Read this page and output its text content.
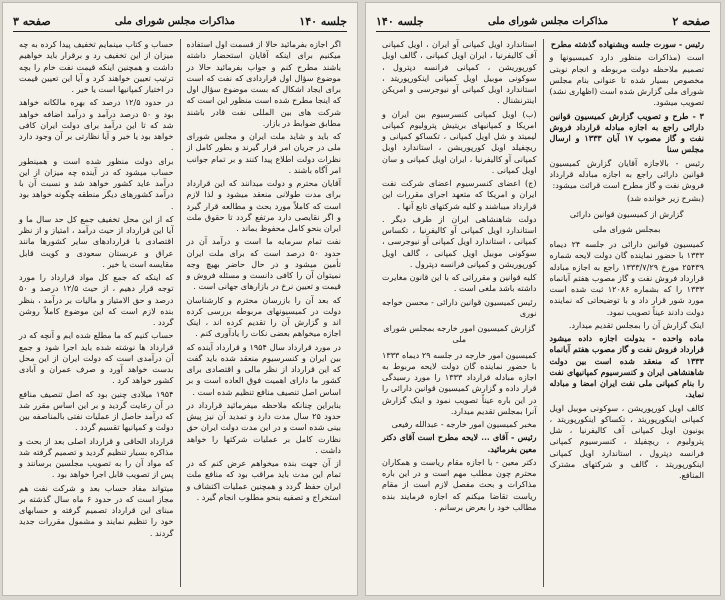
صفحه ۳	مذاکرات مجلس شورای ملی	جلسه ۱۴۰

اگر اجازه بفرمائید حالا از قسمت اول استفاده میکنیم برای اینکه آقایان استحضار داشته باشند مطرح کنم و جواب بفرمائید حالا در موضوع سؤال اول قراردادی که نفت که است برای ایجاد اشکال که بست موضوع سؤال اول که اینجا مطرح شده است منظور این است که شرکت های بین المللی نفت قادر باشند مطابق ضوابط در بازار.

که باید و شاید ملت ایران و مجلس شورای ملی در جریان امر قرار گیرند و بطور کامل از نظرات دولت اطلاع پیدا کنند و بر تمام جوانب امر آگاه باشند .

آقایان محترم و دولت میدانند که این قرارداد برای مدت طولانی منعقد میشود و لذا لازم است که کاملاً مورد بحث و مطالعه قرار گیرد و اگر نقایصی دارد مرتفع گردد تا حقوق ملت ایران بنحو کامل محفوظ بماند .

نفت تمام سرمایه ما است و درآمد آن در حدود ۵۰ درصد است که برای ملت ایران تأمین میشود و در حال حاضر بهیچ وجه نمیتوان آن را کافی دانست و مسئله فروش و قیمت و تعیین نرخ در بازارهای جهانی است .

که بعد آن را بازرسان محترم و کارشناسان دولت در کمیسیونهای مربوطه بررسی کرده اند و گزارش آن را تقدیم کرده اند ، اینک اجازه میخواهم بعضی نکات را یادآوری کنم .

در مورد قرارداد سال ۱۹۵۴ و قرارداد آینده که بین ایران و کنسرسیوم منعقد شده باید گفت که این قرارداد از نظر مالی و اقتصادی برای کشور ما دارای اهمیت فوق العاده است و بر اساس اصل تنصیف منافع تنظیم شده است .

بنابراین چنانکه ملاحظه میفرمائید قرارداد در حدود ۲۵ سال مدت دارد و تمدید آن نیز پیش بینی شده است و در این مدت دولت ایران حق نظارت کامل بر عملیات شرکتها را خواهد داشت .

از آن جهت بنده میخواهم عرض کنم که در تمام این مدت باید مراقب بود که منافع ملت ایران حفظ گردد و همچنین عملیات اکتشاف و استخراج و تصفیه بنحو مطلوب انجام گیرد .

حساب و کتاب مینمایم تخفیف پیدا کرده به چه میزان از این تخفیف رد و برقرار باید خواهیم داشت و همچنین اینکه قیمت نفت خام را بچه ترتیب تعیین خواهند کرد و آیا این تعیین قیمت در اختیار کمپانیها است یا خیر .

در حدود ۱۲/۵ درصد که بهره مالکانه خواهد بود و ۵۰ درصد درآمد و درآمد اضافه خواهد شد که تا این درآمد برای دولت ایران کافی خواهد بود یا خیر و آیا نظارتی بر آن وجود دارد .

برای دولت منظور شده است و همینطور حساب میشود که در آینده چه میزان از این درآمد عاید کشور خواهد شد و نسبت آن با درآمد کشورهای دیگر منطقه چگونه خواهد بود .

که از این محل تخفیف جمع کل حد سال ما و آیا این قرارداد از حیث درآمد ، امتیاز و از نظر اقتصادی با قراردادهای سایر کشورها مانند عراق و عربستان سعودی و کویت قابل مقایسه است یا خیر .

که اینکه که جمع کل مواد قرارداد را مورد توجه قرار دهیم ، از حیث ۱۲/۵ درصد و ۵۰ درصد و حق الامتیاز و مالیات بر درآمد ، بنظر بنده لازم است که این موضوع کاملاً روشن گردد .

حساب کنیم که ما مطلع شده ایم و آنچه که در قرارداد ها نوشته شده باید اجرا شود و جمع آن درآمدی است که دولت ایران از این محل بدست خواهد آورد و صرف عمران و آبادی کشور خواهد کرد .

۱۹۵۴ میلادی چنین بود که اصل تنصیف منافع در آن رعایت گردید و بر این اساس مقرر شد که درآمد حاصل از عملیات نفتی بالمناصفه بین دولت و کمپانیها تقسیم گردد .

قرارداد الحاقی و قرارداد اصلی بعد از بحث و مذاکره بسیار تنظیم گردید و تصمیم گرفته شد که مواد آن را به تصویب مجلسین برسانند و پس از تصویب قابل اجرا خواهد بود .

میتواند مفاد حساب بعد و شرکت نفت هم مجاز است که در حدود ۶ ماه سال گذشته بر مبنای این قرارداد تصمیم گرفته و حسابهای خود را تنظیم نمایند و مشمول مقررات جدید گردند .

جلسه ۱۴۰	مذاکرات مجلس شورای ملی	صفحه ۲

رئیس - سورت جلسه ویشنهاده گذشته مطرح

است (مذاکرات منظور دارد کمیسیونها و تصمیم ملاحظه دولت مربوطه و انجام نوبتی مخصوص بسیار شده تا عنوانی بنام مجلس شورای ملی گزارش شده است (اظهاری نشد) تصویب میشود.

۳ - طرح و تصویب گزارش کمیسیون قوانین دارائی راجع به اجازه مبادله قرارداد فروش نفت و گاز مصوب ۱۷ آبان ۱۳۳۳ و ارسال مجلس سنا

رئیس - بالاجازه آقایان گزارش کمیسیون قوانین دارائی راجع به اجازه مبادله قرارداد فروش نفت و گاز مطرح است قرائت میشود:

(بشرح زیر خوانده شد)

گزارش از کمیسیون قوانین دارائی

بمجلس شورای ملی

کمیسیون قوانین دارائی در جلسه ۲۴ دیماه ۱۳۳۳ با حضور نماینده گان دولت لایحه شماره ۲۵۴۳۹ مورخ ۱۳۳۳/۷/۲۹ راجع به اجازه مبادله قرارداد فروش نفت و گاز مصوب هفتم آبانماه ۱۳۳۳ را که بشماره ۱۲۰۸۶ ثبت شده است مورد شور قرار داد و با توضیحاتی که نماینده دولت دادند عیناً تصویب نمود.

اینک گزارش آن را بمجلس تقدیم میدارد.

ماده واحده - بدولت اجازه داده میشود قرارداد فروش نفت و گاز مصوب هفتم آبانماه ۱۳۳۳ که منعقد شده است بین دولت شاهنشاهی ایران و کنسرسیوم کمپانیهای نفت را بنام کمپانی ملی نفت ایران امضا و مبادله نماید.

کالف اویل کورپوریشن ، سوکونی موبیل اویل کمپانی اینکورپوریتد ، تکساکو اینکورپوریتد ، یونیون اویل کمپانی آف کالیفرنیا ، شل پترولیوم ، ریچفیلد ، کنسرسیوم کمپانی فرانسه دپترول ، استاندارد اویل کمپانی اینکورپوریتد ، گالف و شرکتهای مشترک المنافع.

استاندارد اویل کمپانی آو ایران ، اویل کمپانی آف کالیفرنیا ، ایران اویل کمپانی ، گالف اویل کورپوریشن ، کمپانی فرانسه دپترول ، سوکونی موبیل اویل کمپانی اینکورپوریتد ، استاندارد اویل کمپانی آو نیوجرسی و امریکن اینترنشنال .

(ب) اویل کمپانی کنسرسیوم بین ایران و امریکا و کمپانیهای بریتیش پترولیوم کمپانی لیمیتد و شل اویل کمپانی ، تکساکو کمپانی و ریچفیلد اویل کورپوریشن ، استاندارد اویل کمپانی آو کالیفرنیا ، ایران اویل کمپانی و سان اویل کمپانی .

(ج) اعضای کنسرسیوم اعضای شرکت نفت ایران و امریکا که متعهد اجرای مقررات این قرارداد میباشند و کلیه شرکتهای تابع آنها .

دولت شاهنشاهی ایران از طرف دیگر . استاندارد اویل کمپانی آو کالیفرنیا ، تکساس کمپانی ، استاندارد اویل کمپانی آو نیوجرسی ، سوکونی موبیل اویل کمپانی ، گالف اویل کورپوریشن و کمپانی فرانسه دپترول .

کلیه قوانین و مقرراتی که با این قانون مغایرت داشته باشد ملغی است .

رئیس کمیسیون قوانین دارائی - محسن خواجه نوری

گزارش کمیسیون امور خارجه بمجلس شورای ملی

کمیسیون امور خارجه در جلسه ۲۹ دیماه ۱۳۳۳ با حضور نماینده گان دولت لایحه مربوط به اجازه مبادله قرارداد ۱۳۳۳ را مورد رسیدگی قرار داده و گزارش کمیسیون قوانین دارائی را در این باره عیناً تصویب نمود و اینک گزارش آنرا بمجلس تقدیم میدارد.

مخبر کمیسیون امور خارجه - عبدالله رفیعی

رئیس - آقای ... لایحه مطرح است آقای دکتر معین بفرمائید.

دکتر معین - با اجازه مقام ریاست و همکاران محترم چون مطلب مهم است و در این باره مذاکرات و بحث مفصل لازم است از مقام ریاست تقاضا میکنم که اجازه فرمایند بنده مطالب خود را بعرض برسانم .
